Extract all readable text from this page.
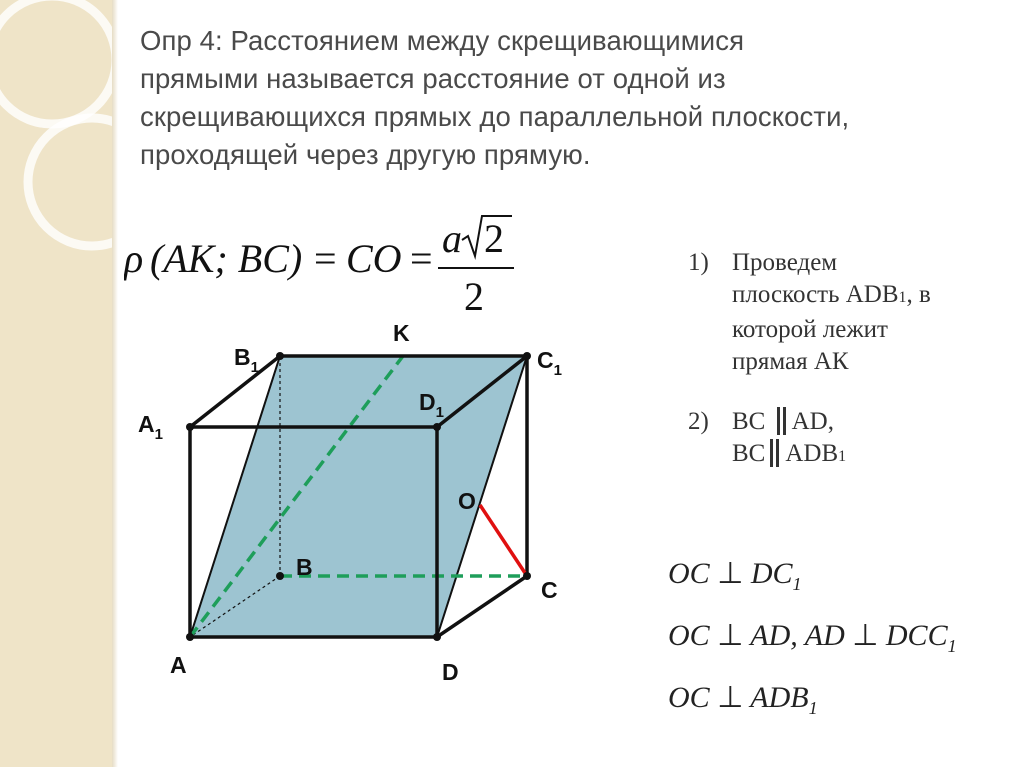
Опр 4: Расстоянием между скрещивающимися
прямыми называется расстояние от одной из
скрещивающихся прямых до параллельной плоскости,
проходящей через другую прямую.
ρ (AK; BC) = CO = a 2
2
1) Проведем
плоскость ADB1, в
которой лежит
прямая АК
2) BC AD,
BC ADB1
OC ⊥ $DC_1$
OC ⊥ AD, AD ⊥ $DCC_1$
OC ⊥ $ADB_1$
A	D
C
B
O
K
$A_1$
$B_1$	$C_1$
$D_1$
